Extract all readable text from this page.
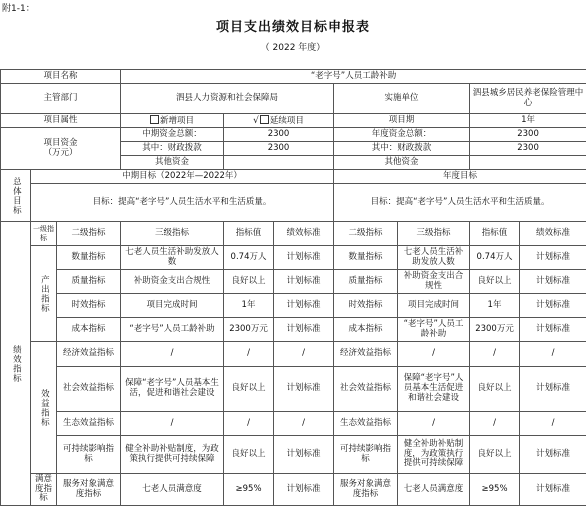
附1-1：
项目支出绩效目标申报表
（ 2022 年度）
项目名称			“老字号”人员工龄补助						
主管部门			泗县人力资源和社会保障局			实施单位		泗县城乡居民养老保险管理中心	
项目属性			新增项目	√ 延续项目		项目期		1年	
项目资金
（万元）			中期资金总额：	2300		年度资金总额：		2300	
			其中：财政拨款	2300		其中：财政拨款		2300	
			其他资金			其他资金			
总体目标	中期目标（2022年—2022年）					年度目标			
	目标：提高“老字号”人员生活水平和生活质量。					目标：提高“老字号”人员生活水平和生活质量。			
绩效指标	一级指标	二级指标	三级指标	指标值	绩效标准	二级指标	三级指标	指标值	绩效标准
	产出指标	数量指标	七老人员生活补助发放人数	0.74万人	计划标准	数量指标	七老人员生活补助发放人数	0.74万人	计划标准
		质量指标	补助资金支出合规性	良好以上	计划标准	质量指标	补助资金支出合规性	良好以上	计划标准
		时效指标	项目完成时间	1年	计划标准	时效指标	项目完成时间	1年	计划标准
		成本指标	“老字号”人员工龄补助	2300万元	计划标准	成本指标	“老字号”人员工龄补助	2300万元	计划标准
	效益指标	经济效益指标	/	/	/	经济效益指标	/	/	/
		社会效益指标	保障“老字号”人员基本生活，促进和谐社会建设	良好以上	计划标准	社会效益指标	保障“老字号”人员基本生活促进和谐社会建设	良好以上	计划标准
		生态效益指标	/	/	/	生态效益指标	/	/	/
		可持续影响指标	健全补助补贴制度，为政策执行提供可持续保障	良好以上	计划标准	可持续影响指标	健全补助补贴制度，为政策执行提供可持续保障	良好以上	计划标准
	满意度指标	服务对象满意度指标	七老人员满意度	≥95%	计划标准	服务对象满意度指标	七老人员满意度	≥95%	计划标准
